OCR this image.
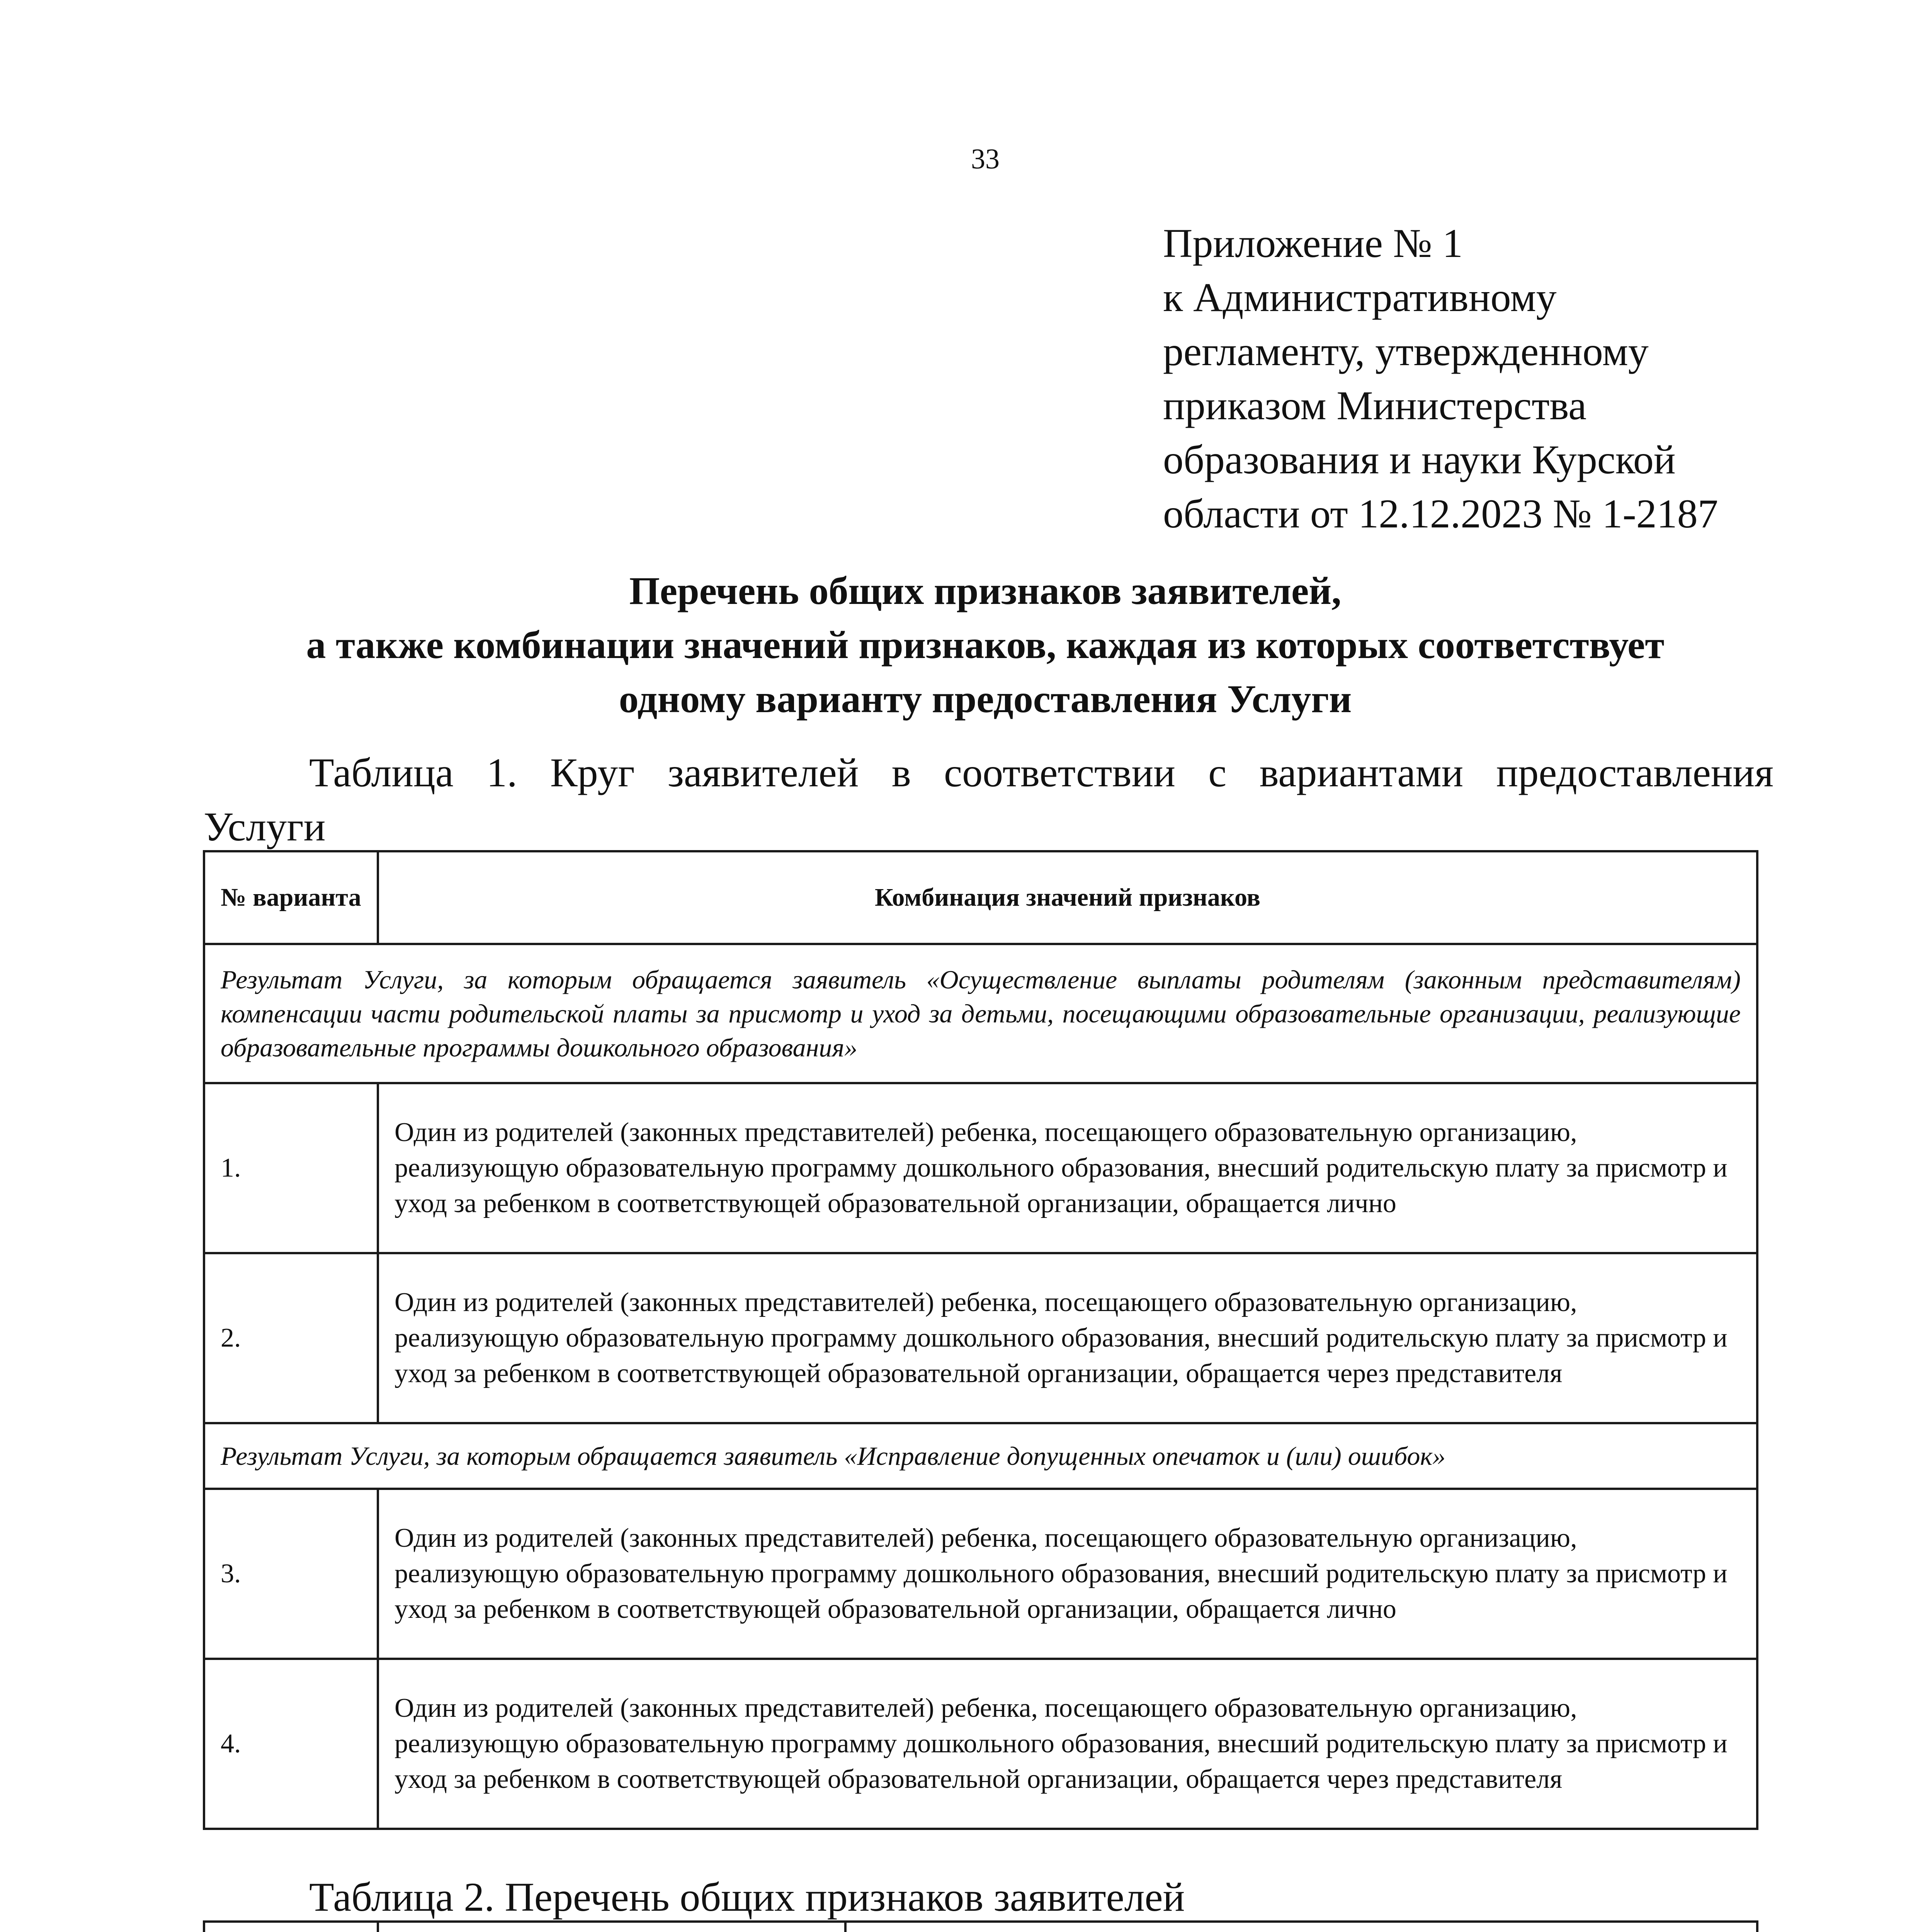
33
Приложение № 1
к Административному
регламенту, утвержденному
приказом Министерства
образования и науки Курской
области от 12.12.2023 № 1-2187
Перечень общих признаков заявителей,
а также комбинации значений признаков, каждая из которых соответствует
одному варианту предоставления Услуги
Таблица 1. Круг заявителей в соответствии с вариантами предоставления
Услуги
№ варианта	Комбинация значений признаков
Результат Услуги, за которым обращается заявитель «Осуществление выплаты родителям (законным представителям) компенсации части родительской платы за присмотр и уход за детьми, посещающими образовательные организации, реализующие образовательные программы дошкольного образования»	
1.	Один из родителей (законных представителей) ребенка, посещающего образовательную организацию, реализующую образовательную программу дошкольного образования, внесший родительскую плату за присмотр и уход за ребенком в соответствующей образовательной организации, обращается лично
2.	Один из родителей (законных представителей) ребенка, посещающего образовательную организацию, реализующую образовательную программу дошкольного образования, внесший родительскую плату за присмотр и уход за ребенком в соответствующей образовательной организации, обращается через представителя
Результат Услуги, за которым обращается заявитель «Исправление допущенных опечаток и (или) ошибок»	
3.	Один из родителей (законных представителей) ребенка, посещающего образовательную организацию, реализующую образовательную программу дошкольного образования, внесший родительскую плату за присмотр и уход за ребенком в соответствующей образовательной организации, обращается лично
4.	Один из родителей (законных представителей) ребенка, посещающего образовательную организацию, реализующую образовательную программу дошкольного образования, внесший родительскую плату за присмотр и уход за ребенком в соответствующей образовательной организации, обращается через представителя
Таблица 2. Перечень общих признаков заявителей
